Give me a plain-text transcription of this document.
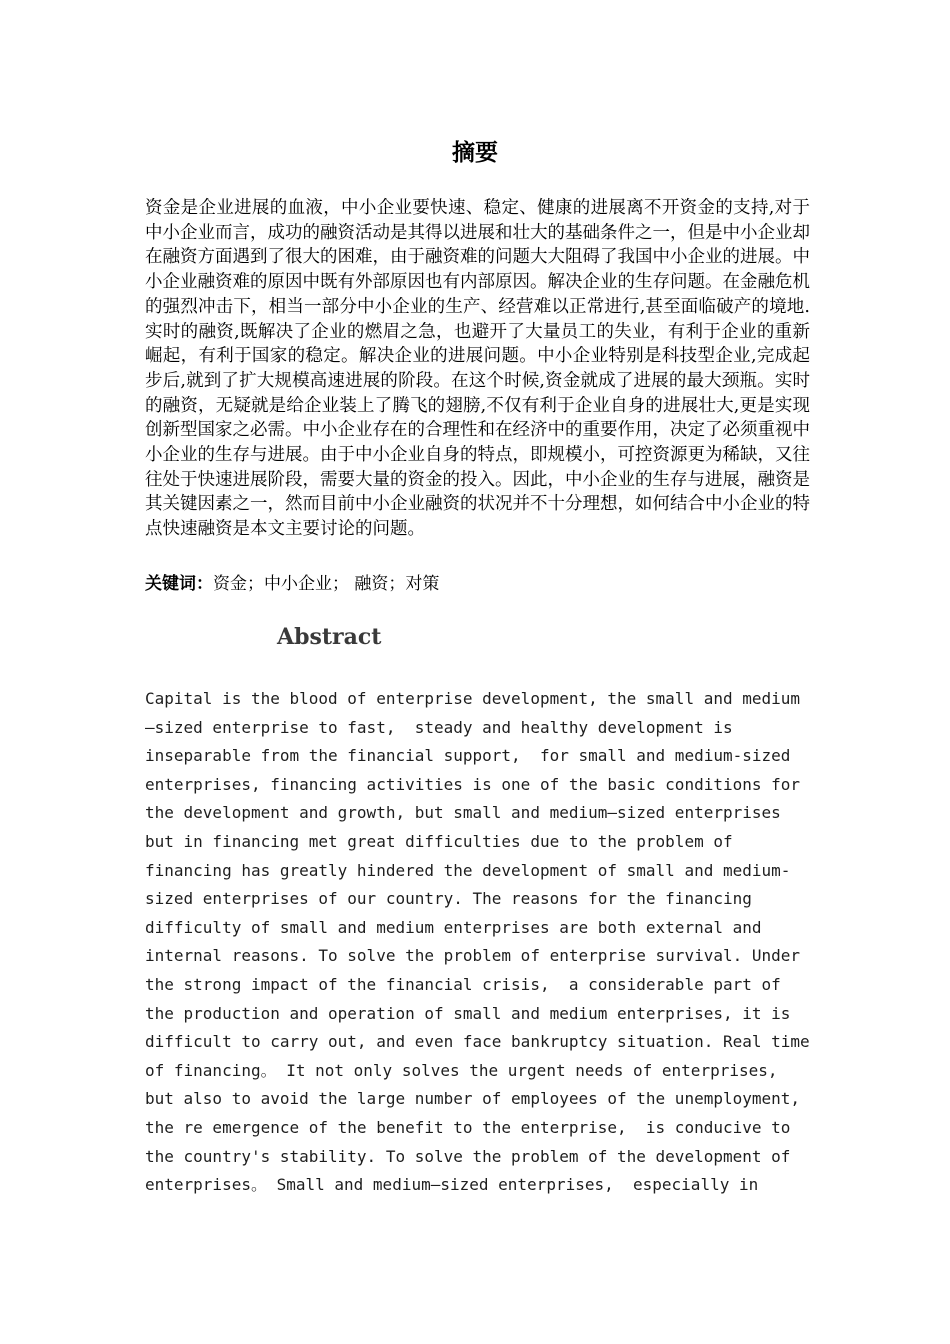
摘要

资金是企业进展的血液，中小企业要快速、稳定、健康的进展离不开资金的支持,对于中小企业而言，成功的融资活动是其得以进展和壮大的基础条件之一，但是中小企业却在融资方面遇到了很大的困难，由于融资难的问题大大阻碍了我国中小企业的进展。中小企业融资难的原因中既有外部原因也有内部原因。解决企业的生存问题。在金融危机的强烈冲击下，相当一部分中小企业的生产、经营难以正常进行,甚至面临破产的境地.实时的融资,既解决了企业的燃眉之急，也避开了大量员工的失业，有利于企业的重新崛起，有利于国家的稳定。解决企业的进展问题。中小企业特别是科技型企业,完成起步后,就到了扩大规模高速进展的阶段。在这个时候,资金就成了进展的最大颈瓶。实时的融资，无疑就是给企业装上了腾飞的翅膀,不仅有利于企业自身的进展壮大,更是实现创新型国家之必需。中小企业存在的合理性和在经济中的重要作用，决定了必须重视中小企业的生存与进展。由于中小企业自身的特点，即规模小，可控资源更为稀缺，又往往处于快速进展阶段，需要大量的资金的投入。因此，中小企业的生存与进展，融资是其关键因素之一，然而目前中小企业融资的状况并不十分理想，如何结合中小企业的特点快速融资是本文主要讨论的问题。

关键词：资金；中小企业； 融资；对策
Abstract
Capital is the blood of enterprise development, the small and medium
—sized enterprise to fast,  steady and healthy development is
inseparable from the financial support,  for small and medium-sized
enterprises, financing activities is one of the basic conditions for
the development and growth, but small and medium—sized enterprises
but in financing met great difficulties due to the problem of
financing has greatly hindered the development of small and medium-
sized enterprises of our country. The reasons for the financing
difficulty of small and medium enterprises are both external and
internal reasons. To solve the problem of enterprise survival. Under
the strong impact of the financial crisis,  a considerable part of
the production and operation of small and medium enterprises, it is
difficult to carry out, and even face bankruptcy situation. Real time
of financing。 It not only solves the urgent needs of enterprises,
but also to avoid the large number of employees of the unemployment,
the re emergence of the benefit to the enterprise,  is conducive to
the country's stability. To solve the problem of the development of
enterprises。 Small and medium—sized enterprises,  especially in
